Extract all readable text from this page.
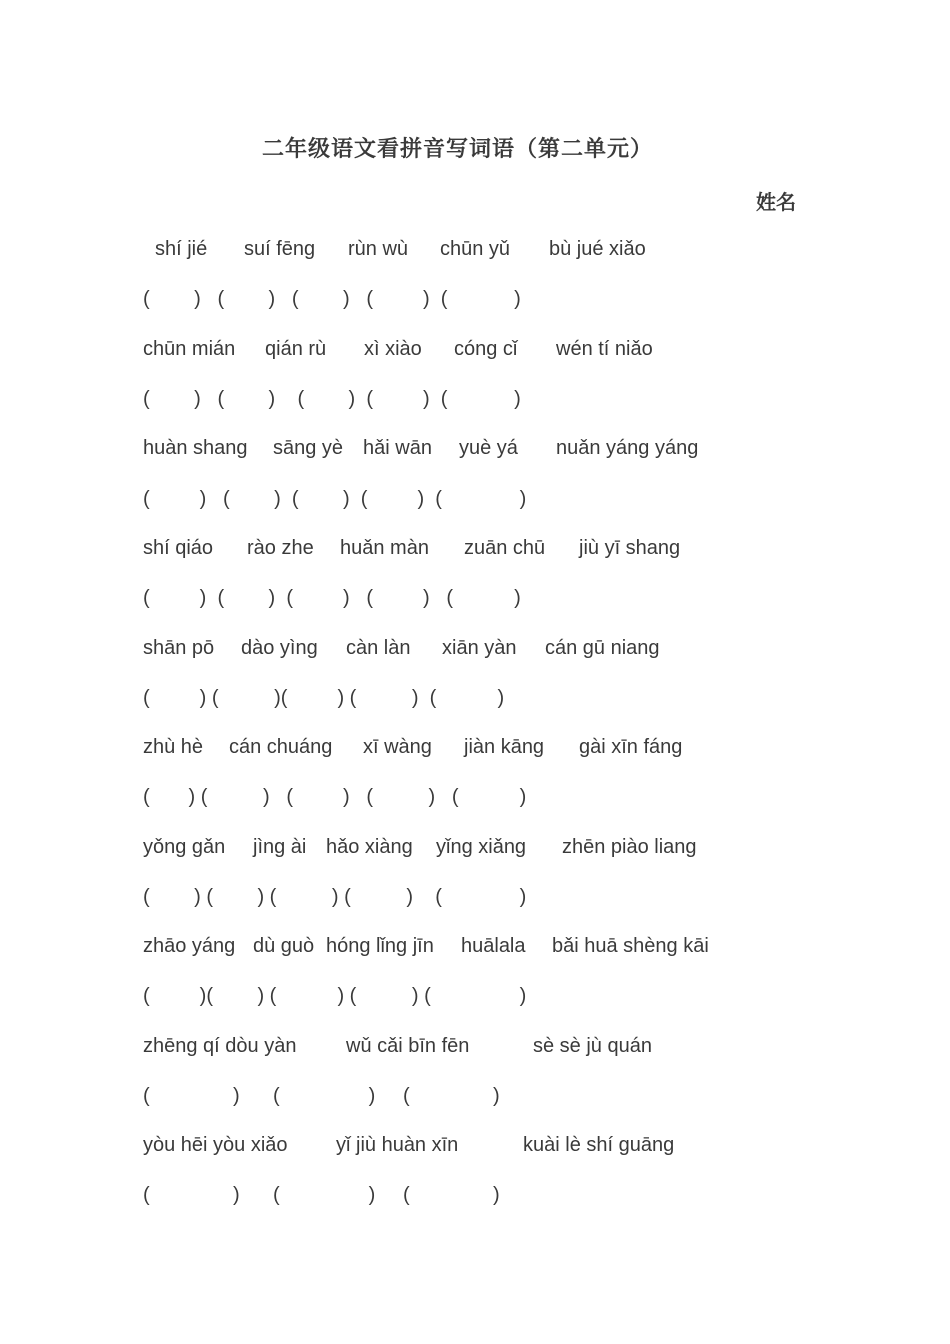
二年级语文看拼音写词语（第二单元）
姓名
shí jié suí fēng rùn wù chūn yǔ bù jué xiǎo
(        )   (        )   (        )   (         )  (            )
chūn mián qián rù xì xiào cóng cǐ wén tí niǎo
(        )   (        )    (        )  (         )  (            )
huàn shang sāng yè hǎi wān yuè yá nuǎn yáng yáng
(         )   (        )  (        )  (         )  (              )
shí qiáo rào zhe huǎn màn zuān chū jiù yī shang
(         )  (        )  (         )   (         )   (           )
shān pō dào yìng càn làn xiān yàn cán gū niang
(         ) (          )(         ) (          )  (           )
zhù hè cán chuáng xī wàng jiàn kāng gài xīn fáng
(       ) (          )   (         )   (          )   (           )
yǒng gǎn jìng ài hǎo xiàng yǐng xiǎng zhēn piào liang
(        ) (        ) (          ) (          )    (              )
zhāo yáng dù guò hóng lǐng jīn huālala bǎi huā shèng kāi
(         )(        ) (           ) (          ) (                )
zhēng qí dòu yàn wǔ cǎi bīn fēn	sè sè jù quán
(               )      (                )     (               )
yòu hēi yòu xiǎo yǐ jiù huàn xīn	kuài lè shí guāng
(               )      (                )     (               )
